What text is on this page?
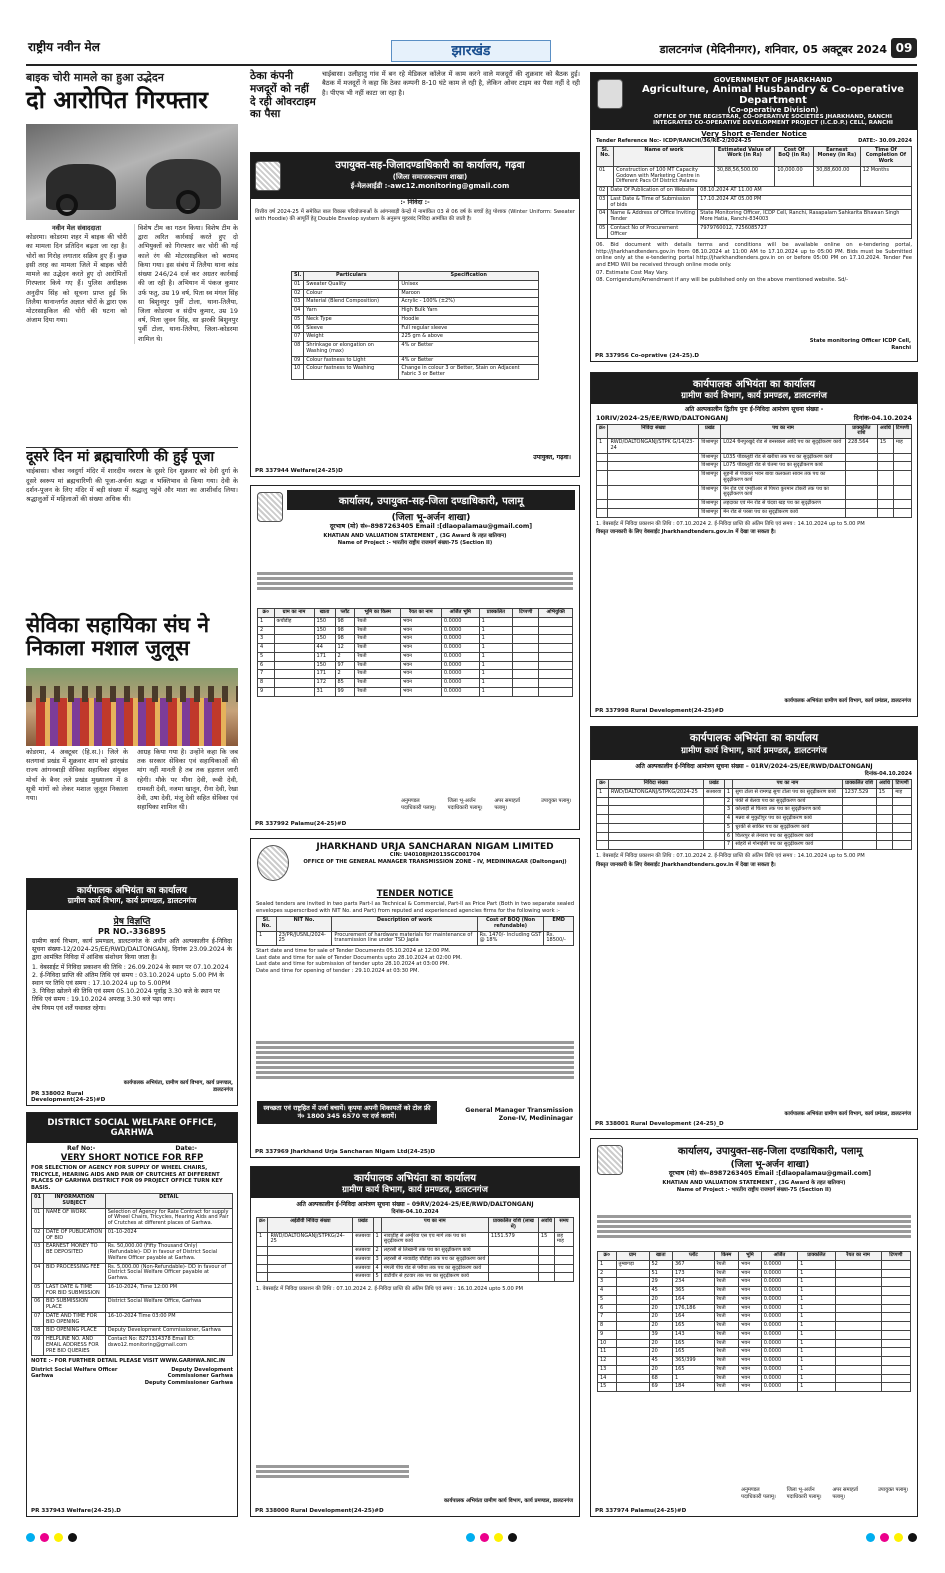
राष्ट्रीय नवीन मेल	झारखंड	डालटनगंज (मेदिनीनगर), शनिवार, 05 अक्टूबर 2024 09
बाइक चोरी मामले का हुआ उद्भेदन
दो आरोपित गिरफ्तार
नवीन मेल संवाददाता
कोडरमा। कोडरमा शहर में बाइक की चोरी का मामला दिन प्रतिदिन बढ़ता जा रहा है। चोरों का गिरोह लगातार सक्रिय हुए हैं। कुछ इसी तरह का मामला जिले में बाइक चोरी मामले का उद्भेदन करते हुए दो आरोपितों गिरफ्तार किये गए हैं। पुलिस अधीक्षक अनुदीप सिंह को सूचना प्राप्त हुई कि तिलैया थानान्तर्गत अज्ञात चोरों के द्वारा एक मोटरसाइकिल की चोरी की घटना को अंजाम दिया गया।
विशेष टीम का गठन किया। विशेष टीम के द्वारा त्वरित कार्रवाई करते हुए दो अभियुक्तों को गिरफ्तार कर चोरी की गई काले रंग की मोटरसाइकिल को बरामद किया गया। इस संबंध में तिलैया थाना कांड संख्या 246/24 दर्ज कर अग्रतर कार्रवाई की जा रही है। अभियान में पंकज कुमार उर्फ फतु, उम्र 19 वर्ष, पिता स्व मंगल सिंह सा बिशुनपुर पुर्वी टोला, थाना-तिलैया, जिला कोडरमा व संदीप कुमार, उम्र 19 वर्ष, पिता जुवन सिंह, सा झरकी बिशुनपुर पुर्वी टोला, थाना-तिलैया, जिला-कोडरमा शामिल थे।
दूसरे दिन मां ब्रह्मचारिणी की हुई पूजा
चाईबासा। चौका नवदुर्गा मंदिर में शारदीय नवरात्र के दूसरे दिन शुक्रवार को देवी दुर्गा के दूसरे स्वरूप मां ब्रह्मचारिणी की पूजा-अर्चना श्रद्धा व भक्तिभाव से किया गया। देवी के दर्शन-पूजन के लिए मंदिर में बड़ी संख्या में श्रद्धालु पहुंचे और माता का आशीर्वाद लिया। श्रद्धालुओं में महिलाओं की संख्या अधिक थी।
सेविका सहायिका संघ ने निकाला मशाल जुलूस
कोडरमा, 4 अक्टूबर (हि.स.)। जिले के सतगावां प्रखंड में शुक्रवार शाम को झारखंड राज्य आंगनबाड़ी सेविका सहायिका संयुक्त मोर्चा के बैनर तले प्रखंड मुख्यालय में 8 सूत्री मांगों को लेकर मशाल जुलूस निकाला गया।
आग्रह किया गया है। उन्होंने कहा कि जब तक सरकार सेविका एवं सहायिकाओं की मांग नहीं मानती है तब तक हड़ताल जारी रहेगी। मौके पर मीना देवी, रूबी देवी, रामवती देवी, नजमा खातून, रीना देवी, रेखा देवी, उषा देवी, मंजू देवी सहित सेविका एवं सहायिका शामिल थी।
ठेका कंपनी मजदूरों को नहीं दे रही ओवरटाइम का पैसा
चाईबासा। उलीहातु गांव में बन रहे मेडिकल कॉलेज में काम करने वाले मजदूरों की शुक्रवार को बैठक हुई। बैठक में मजदूरों ने कहा कि ठेका कम्पनी 8-10 घंटे काम ले रही है, लेकिन ओवर टाइम का पैसा नहीं दे रही है। पीएफ भी नहीं काटा जा रहा है।
उपायुक्त-सह-जिलादण्डाधिकारी का कार्यालय, गढ़वा
(जिला समाजकल्याण शाखा)
ई-मेलआईडी :-awc12.monitoring@gmail.com
:- निविदा :-
वित्तीय वर्ष 2024-25 में समेकित बाल विकास परियोजनाओं के आंगनबाड़ी केन्द्रों में नामांकित 03 से 06 वर्ष के बच्चों हेतु पोशाक (Winter Uniform: Sweater with Hoodie) की आपूर्ति हेतु Double Envelop system के अनुरूप मुहरबंद निविदा आमंत्रित की जाती है।
Sl.	Particulars	Specification
01	Sweater Quality	Unisex
02	Colour	Maroon
03	Material (Blend Composition)	Acrylic - 100% (±2%)
04	Yarn	High Bulk Yarn
05	Neck Type	Hoodie
06	Sleeve	Full regular sleeve
07	Weight	225 gm & above
08	Shrinkage or elongation on Washing (max)	4% or Better
09	Colour fastness to Light	4% or Better
10	Colour fastness to Washing	Change in colour 3 or Better, Stain on Adjacent Fabric 3 or Better
उपायुक्त, गढ़वा।
PR 337944 Welfare(24-25)D
कार्यालय, उपायुक्त-सह-जिला दण्डाधिकारी, पलामू
(जिला भू-अर्जन शाखा)
दूरभाष (मो) सं०-8987263405 Email :[dlaopalamau@gmail.com]
KHATIAN AND VALUATION STATEMENT , (3G Award के तहत खतियान)
Name of Project :- भारतीय राष्ट्रीय राजमार्ग संख्या-75 (Section II)
क्र०	ग्राम का नाम	खाता	प्लॉट	भूमि का किस्म	रैयत का नाम	अर्जित भूमि	प्राक्कलित	टिप्पणी	अभियुक्ति
1	कचौडीह	150	98	रैयती	भवन	0.0000	1		
2		150	98	रैयती	भवन	0.0000	1		
3		150	98	रैयती	भवन	0.0000	1		
4		44	12	रैयती	भवन	0.0000	1		
5		171	2	रैयती	भवन	0.0000	1		
6		150	97	रैयती	भवन	0.0000	1		
7		171	2	रैयती	भवन	0.0000	1		
8		172	85	रैयती	भवन	0.0000	1		
9		31	99	रैयती	भवन	0.0000	1		
अनुमण्डल पदाधिकारी पलामू।
जिला भू-अर्जन पदाधिकारी पलामू।
अपर समाहर्ता पलामू।
उपायुक्त पलामू।
PR 337992 Palamu(24-25)#D
कार्यपालक अभियंता का कार्यालय
ग्रामीण कार्य विभाग, कार्य प्रमण्डल, डालटनगंज
प्रेष विज्ञप्ति
PR NO.-336895
ग्रामीण कार्य विभाग, कार्य प्रमण्डल, डालटनगंज के अधीन अति अल्पकालीन ई-निविदा सूचना संख्या-12/2024-25/EE/RWD/DALTONGANJ, दिनांक 23.09.2024 के द्वारा आमंत्रित निविदा में आंशिक संशोधन किया जाता है।
1. वेबसाईट में निविदा प्रकाशन की तिथि : 26.09.2024 के स्थान पर 07.10.2024
2. ई-निविदा प्राप्ति की अंतिम तिथि एवं समय : 03.10.2024 upto 5.00 PM के स्थान पर तिथि एवं समय : 17.10.2024 up to 5.00PM
3. निविदा खोलने की तिथि एवं समय 05.10.2024 पूर्वाह्न 3.30 बजे के स्थान पर तिथि एवं समय : 19.10.2024 अपराह्न 3.30 बजे पढ़ा जाए।
शेष नियम एवं शर्तें यथावत रहेगा।
कार्यपालक अभियंता, ग्रामीण कार्य विभाग, कार्य प्रमण्डल, डालटनगंज
PR 338002 Rural Development(24-25)#D
DISTRICT SOCIAL WELFARE OFFICE, GARHWA
Ref No:-	Date:-
VERY SHORT NOTICE FOR RFP
FOR SELECTION OF AGENCY FOR SUPPLY OF WHEEL CHAIRS, TRICYCLE, HEARING AIDS AND PAIR OF CRUTCHES AT DIFFERENT PLACES OF GARHWA DISTRICT FOR 09 PROJECT OFFICE TURN KEY BASIS.
01	INFORMATION SUBJECT	DETAIL
01	NAME OF WORK	Selection of Agency for Rate Contract for supply of Wheel Chairs, Tricycles, Hearing Aids and Pair of Crutches at different places of Garhwa.
02	DATE OF PUBLICATION OF BID	01-10-2024
03	EARNEST MONEY TO BE DEPOSITED	Rs. 50,000.00 (Fifty Thousand Only) (Refundable)- DD in favour of District Social Welfare Officer payable at Garhwa.
04	BID PROCESSING FEE	Rs. 5,000.00 (Non-Refundable)- DD in favour of District Social Welfare Officer payable at Garhwa.
05	LAST DATE & TIME FOR BID SUBMISSION	16-10-2024, Time 12:00 PM
06	BID SUBMISSION PLACE	District Social Welfare Office, Garhwa
07	DATE AND TIME FOR BID OPENING	16-10-2024 Time 03:00 PM
08	BID OPENING PLACE	Deputy Development Commissioner, Garhwa
09	HELPLINE NO. AND EMAIL ADDRESS FOR PRE BID QUERIES	Contact No: 8271314378 Email ID: dswo12.monitoring@gmail.com
NOTE :- FOR FURTHER DETAIL PLEASE VISIT WWW.GARHWA.NIC.IN
District Social Welfare Officer Garhwa
Deputy Development Commissioner Garhwa
Deputy Commissioner Garhwa
PR 337943 Welfare(24-25).D
JHARKHAND URJA SANCHARAN NIGAM LIMITED
CIN: U40108JH2013SGC001704
OFFICE OF THE GENERAL MANAGER TRANSMISSION ZONE - IV, MEDININAGAR (Daltonganj)
TENDER NOTICE
Sealed tenders are invited in two parts Part-I as Technical & Commercial, Part-II as Price Part (Both in two separate sealed envelopes superscribed with NIT No. and Part) from reputed and experienced agencies firms for the following work :-
Sl. No.	NIT No.	Description of work	Cost of BOQ (Non refundable)	EMD
1	23/PR/JUSNL/2024-25	Procurement of hardware materials for maintenance of transmission line under TSD Japla	Rs. 1470/- Including GST @ 18%	Rs. 18500/-
Start date and time for sale of Tender Documents 05.10.2024 at 12:00 PM.
Last date and time for sale of Tender Documents upto 28.10.2024 at 02:00 PM.
Last date and time for submission of tender upto 28.10.2024 at 03:00 PM.
Date and time for opening of tender : 29.10.2024 at 03:30 PM.
स्वच्छता एवं राष्ट्रहित में उर्जा बचायें। कृपया अपनी शिकायतों को टोल फ्री नं० 1800 345 6570 पर दर्ज करायें।
General Manager Transmission Zone-IV, Medininagar
PR 337969 Jharkhand Urja Sancharan Nigam Ltd(24-25)D
कार्यपालक अभियंता का कार्यालय
ग्रामीण कार्य विभाग, कार्य प्रमण्डल, डालटनगंज
अति अल्पकालीन ई-निविदा आमंत्रण सूचना संख्या – 09RV/2024-25/EE/RWD/DALTONGANJ
दिनांक-04.10.2024
क्र०	अईडीवी निविदा संख्या	प्रखंड		पथ का नाम	प्राक्कलित राशि (लाख में)	अवधि	समय
1	RWD/DALTONGANJ/STPKG/24-25	सतबरवा	1	नावाडीह से अमरिया एस एच मार्ग तक पथ का सुदृढ़ीकरण कार्य	1151.579	15	छह माह
		सतबरवा	2	लहरसी से लिखानी तक पथ का सुदृढ़ीकरण कार्य			
		सतबरवा	3	लहरसी से नावाडीह चौडीहा तक पथ का सुदृढ़ीकरण कार्य			
		सतबरवा	4	मंगली पीच रोड से परीया तक पथ का सुदृढ़ीकरण कार्य			
		सतबरवा	5	डाटीवीर से हटवार तक पथ का सुदृढ़ीकरण कार्य			
1. वेबसाईट में निविदा प्रकाशन की तिथि : 07.10.2024 2. ई-निविदा प्राप्ति की अंतिम तिथि एवं समय : 16.10.2024 upto 5.00 PM
कार्यपालक अभियंता ग्रामीण कार्य विभाग, कार्य प्रमण्डल, डालटनगंज
PR 338000 Rural Development(24-25)#D
GOVERNMENT OF JHARKHAND
Agriculture, Animal Husbandry & Co-operative Department
(Co-operative Division)
OFFICE OF THE REGISTRAR, CO-OPERATIVE SOCIETIES JHARKHAND, RANCHI
INTEGRATED CO-OPERATIVE DEVELOPMENT PROJECT (I.C.D.P.) CELL, RANCHI
Very Short e-Tender Notice
Tender Reference No:- ICDP/RANCHI/36/RE-2/2024-25	DATE:- 30.09.2024
Sl. No.	Name of work	Estimated Value of Work (in Rs)	Cost Of BoQ (in Rs)	Earnest Money (in Rs)	Time Of Completion Of Work
01	Construction of 100 MT Capacity Godown with Marketing Centre in Different Pacs Of District Palamu	30,88,56,500.00	10,000.00	30,88,600.00	12 Months
02	Date Of Publication of on Website	08.10.2024 AT 11.00 AM
03	Last Date & Time of Submission of bids	17.10.2024 AT 05.00 PM
04	Name & Address of Office Inviting Tender	State Monitoring Officer, ICDP Cell, Ranchi, Rasapalam Sahkarita Bhawan Singh More Hatia, Ranchi-834003
05	Contact No of Procurement Officer	7979760012, 7256085727
06. Bid document with details terms and conditions will be available online on e-tendering portal, http://jharkhandtenders.gov.in from 08.10.2024 at 11:00 AM to 17.10.2024 up to 05:00 PM. Bids must be Submitted online only at the e-tendering portal http://jharkhandtenders.gov.in on or before 05:00 PM on 17.10.2024. Tender Fee and EMD Will be received through online mode only.
07. Estimate Cost May Vary.
08. Corrigendum/Amendment if any will be published only on the above mentioned website. Sd/-
State monitoring Officer ICDP Cell, Ranchi
PR 337956 Co-oprative (24-25).D
कार्यपालक अभियंता का कार्यालय
ग्रामीण कार्य विभाग, कार्य प्रमण्डल, डालटनगंज
अति अल्पकालीन द्वितीय पुनः ई-निविदा आमंत्रण सूचना संख्या -
10RIV/2024-25/EE/RWD/DALTONGANJ	दिनांक-04.10.2024
क्र०	निविदा संख्या	प्रखंड	पथ का नाम	प्राक्कलित राशि	अवधि	टिप्पणी
1	RWD/DALTONGANJ/STPK G/14/23-24	विश्रामपुर	L024 चैनपुरखुर्द रोड से बनसक्ला आदि पथ का सुदृढ़ीकरण कार्य	228.564	15	माह
		विश्रामपुर	L035 पीडब्लूडी रोड से खरीया तक पथ का सुदृढ़ीकरण कार्य			
		विश्रामपुर	L075 पीडब्लूडी रोड से चेतमा पथ का सुदृढ़ीकरण कार्य			
		विश्रामपुर	सुहनी से पंचायत भवन बाया कलकला सावन तक पथ का सुदृढ़ीकरण कार्य			
		विश्रामपुर	पेन रोड एवं एमवीआर से पिपरा कुरमान टोकरी तक पथ का सुदृढ़ीकरण कार्य			
		विश्रामपुर	लहदाका एवं मेन रोड से चंदवा खड़ पथ का सुदृढ़ीकरण			
		विश्रामपुर	मेन रोड से परसा पथ का सुदृढ़ीकरण कार्य			
1. वेबसाईट में निविदा प्रकाशन की तिथि : 07.10.2024 2. ई-निविदा प्राप्ति की अंतिम तिथि एवं समय : 14.10.2024 up to 5.00 PM
विस्तृत जानकारी के लिए वेबसाईट Jharkhandtenders.gov.in में देखा जा सकता है।
कार्यपालक अभियंता ग्रामीण कार्य विभाग, कार्य प्रमंडल, डालटनगंज
PR 337998 Rural Development(24-25)#D
कार्यपालक अभियंता का कार्यालय
ग्रामीण कार्य विभाग, कार्य प्रमण्डल, डालटनगंज
अति अल्पकालीन ई-निविदा आमंत्रण सूचना संख्या – 01RV/2024-25/EE/RWD/DALTONGANJ
दिनांक-04.10.2024
क्र०	निविदा संख्या	प्रखंड		पथ का नाम	प्राक्कलित राशि	अवधि	टिप्पणी
1	RWD/DALTONGANJ/STPKG/2024-25	सतबरवा	1	सुगा टोला से रामगढ़ सुगा टोला पथ का सुदृढ़ीकरण कार्य	1237.529	15	माह
			2	पंकी से बेलवा पथ का सुदृढ़ीकरण कार्य			
			3	कोलाड़ी से चितवा तक पथ का सुदृढ़ीकरण कार्य			
			4	मन्नरा से मुकुटीपुर पथ का सुदृढ़ीकरण कार्य			
			5	धुरकी से साकिर पथ का सुदृढ़ीकरण कार्य			
			6	चितरपुर से तेनवरा पथ का सुदृढ़ीकरण कार्य			
			7	सोहरी से गोनाईसी पथ का सुदृढ़ीकरण कार्य			
1. वेबसाईट में निविदा प्रकाशन की तिथि : 07.10.2024 2. ई-निविदा प्राप्ति की अंतिम तिथि एवं समय : 14.10.2024 up to 5.00 PM
विस्तृत जानकारी के लिए वेबसाईट Jharkhandtenders.gov.in में देखा जा सकता है।
कार्यपालक अभियंता ग्रामीण कार्य विभाग, कार्य प्रमंडल, डालटनगंज
PR 338001 Rural Development (24-25)_D
कार्यालय, उपायुक्त-सह-जिला दण्डाधिकारी, पलामू
(जिला भू-अर्जन शाखा)
दूरभाष (मो) सं०-8987263405 Email :[dlaopalamau@gmail.com]
KHATIAN AND VALUATION STATEMENT , (3G Award के तहत खतियान)
Name of Project :- भारतीय राष्ट्रीय राजमार्ग संख्या-75 (Section II)
क्र०	ग्राम	खाता	प्लॉट	किस्म	भूमि	अर्जित	प्राक्कलित	रैयत का नाम	टिप्पणी
1	तुम्बागड़ा	52	367	रैयती	भवन	0.0000	1		
2		51	173	रैयती	भवन	0.0000	1		
3		29	234	रैयती	भवन	0.0000	1		
4		45	365	रैयती	भवन	0.0000	1		
5		20	164	रैयती	भवन	0.0000	1		
6		20	176,186	रैयती	भवन	0.0000	1		
7		20	164	रैयती	भवन	0.0000	1		
8		20	165	रैयती	भवन	0.0000	1		
9		39	143	रैयती	भवन	0.0000	1		
10		20	165	रैयती	भवन	0.0000	1		
11		20	165	रैयती	भवन	0.0000	1		
12		45	365/399	रैयती	भवन	0.0000	1		
13		20	165	रैयती	भवन	0.0000	1		
14		68	1	रैयती	भवन	0.0000	1		
15		69	184	रैयती	भवन	0.0000	1		
अनुमण्डल पदाधिकारी पलामू।
जिला भू-अर्जन पदाधिकारी पलामू।
अपर समाहर्ता पलामू।
उपायुक्त पलामू।
PR 337974 Palamu(24-25)#D
